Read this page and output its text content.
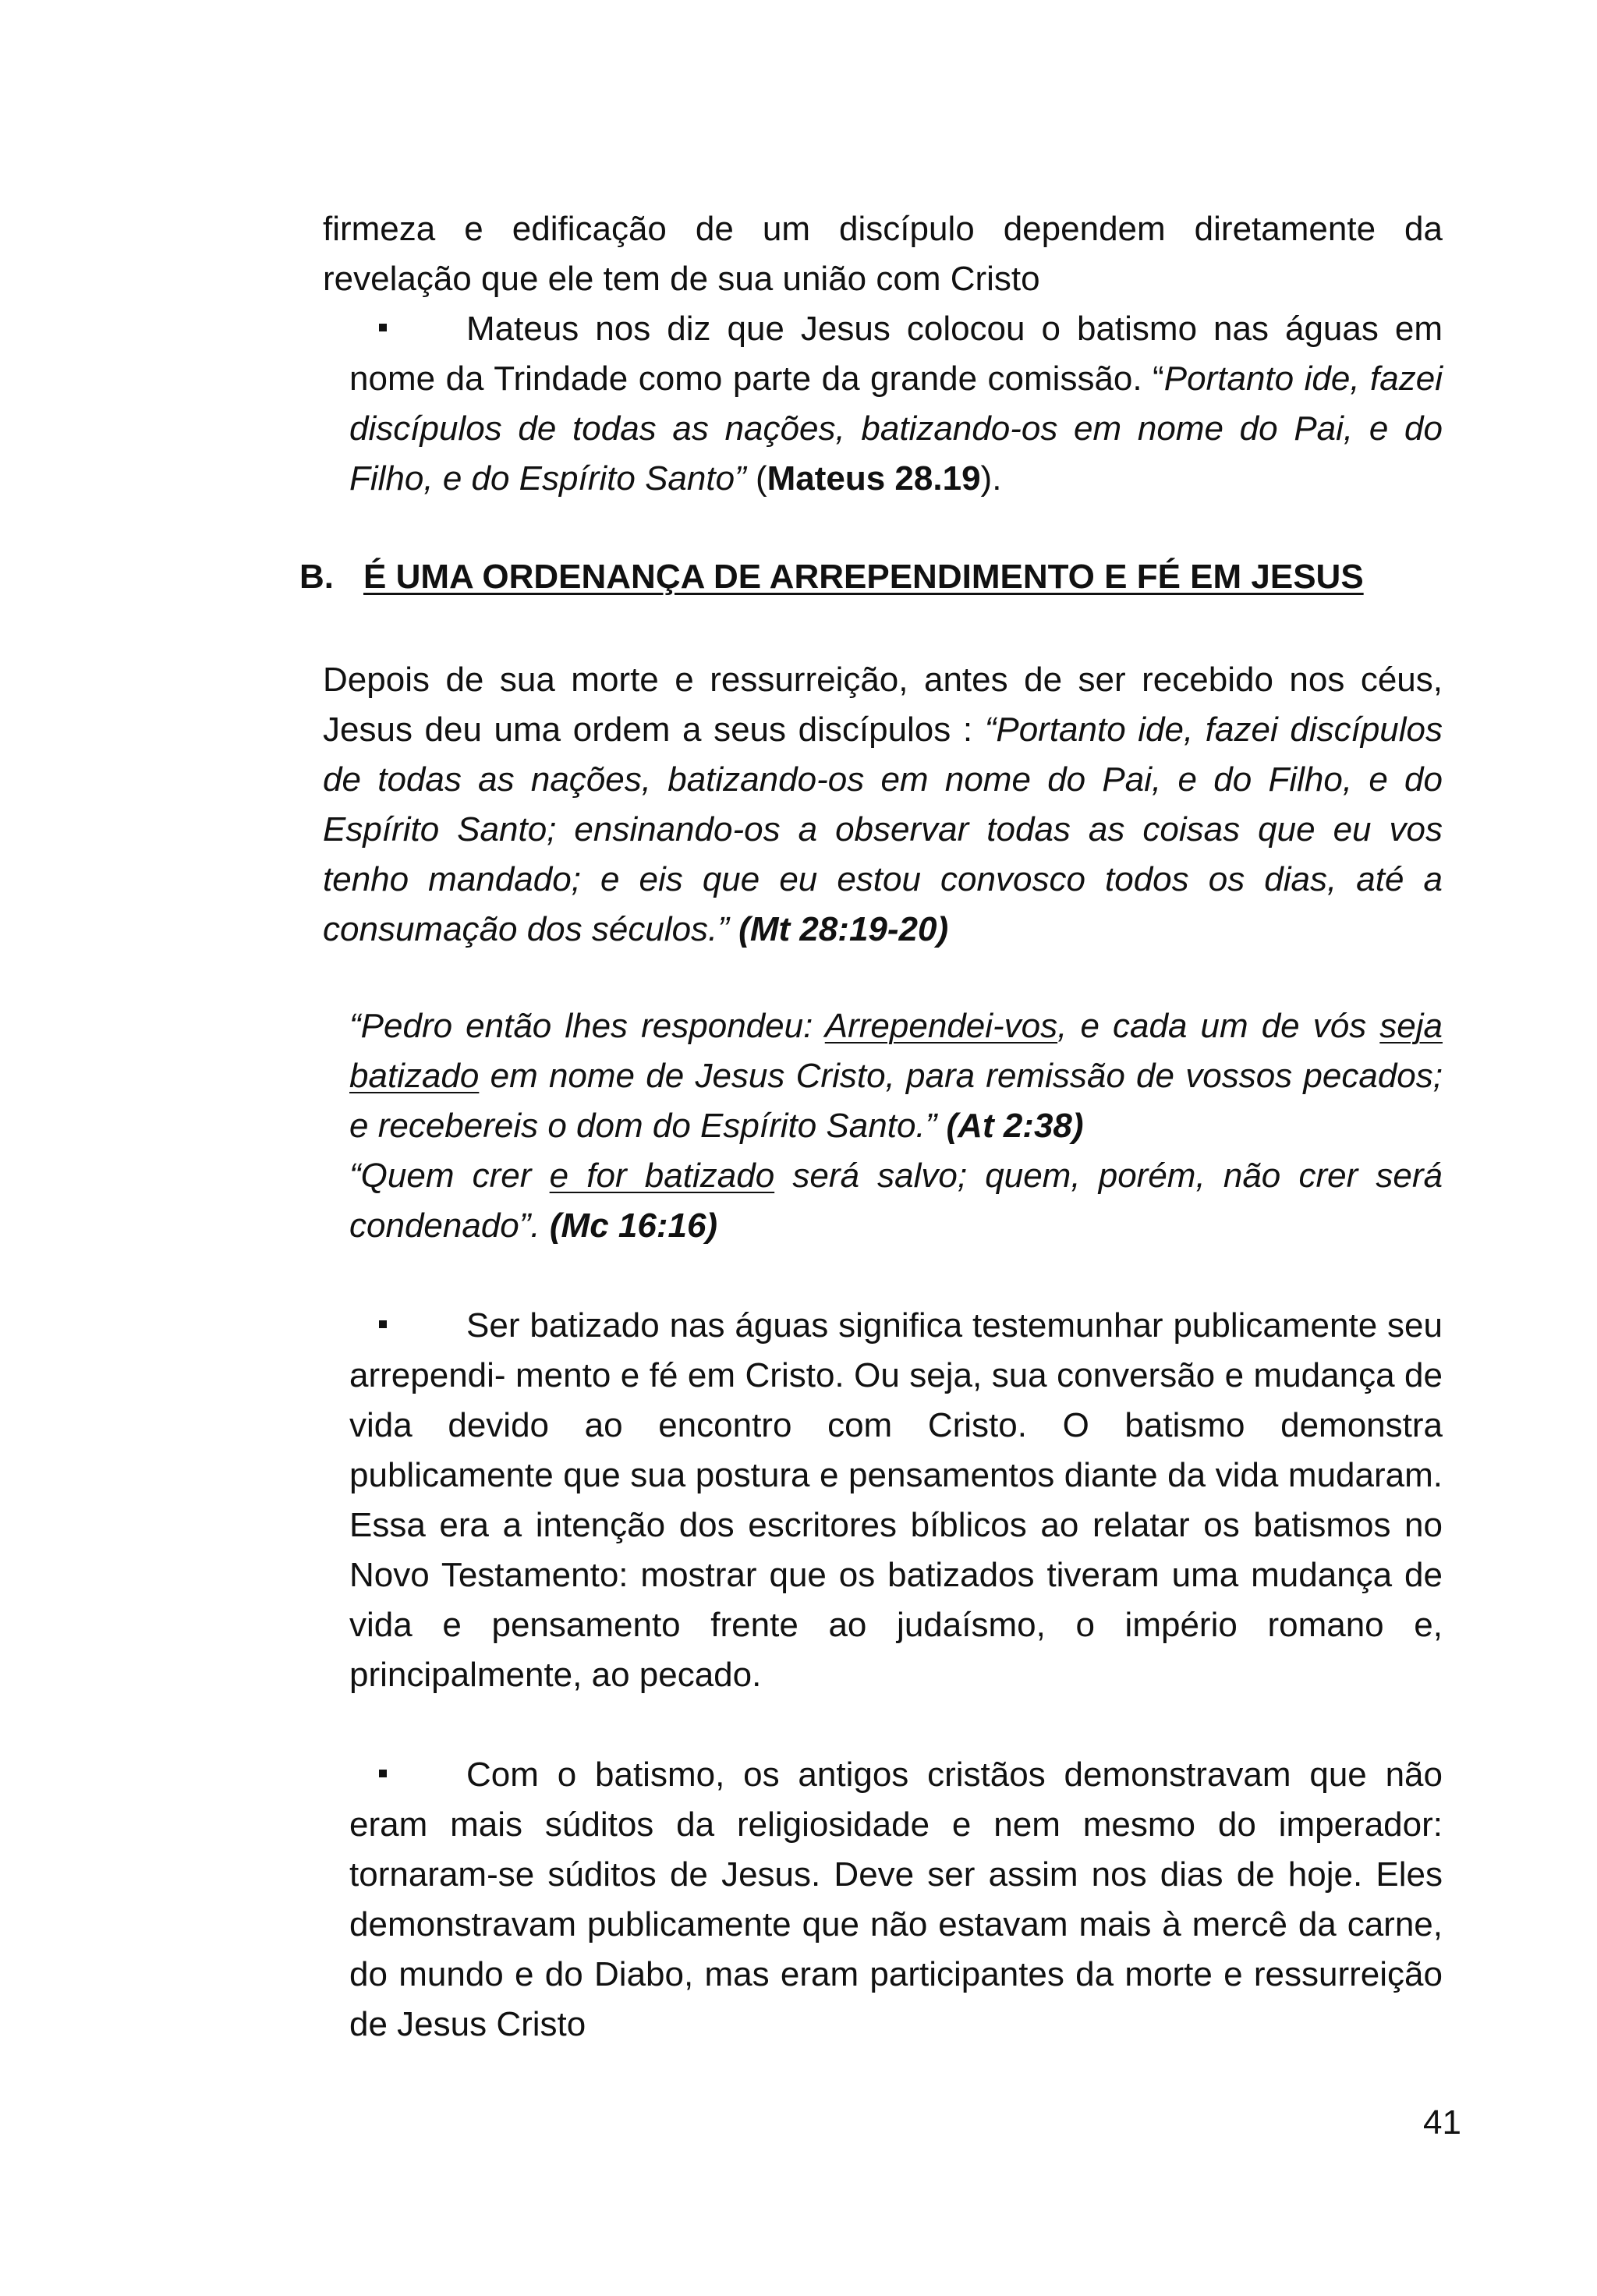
firmeza e edificação de um discípulo dependem diretamente da revelação que ele tem de sua união com Cristo
Mateus nos diz que Jesus colocou o batismo nas águas em nome da Trindade como parte da grande comissão. “Portanto ide, fazei discípulos de todas as nações, batizando-os em nome do Pai, e do Filho, e do Espírito Santo” (Mateus 28.19).
B. É UMA ORDENANÇA DE ARREPENDIMENTO E FÉ EM JESUS
Depois de sua morte e ressurreição, antes de ser recebido nos céus, Jesus deu uma ordem a seus discípulos : “Portanto ide, fazei discípulos de todas as nações, batizando-os em nome do Pai, e do Filho, e do Espírito Santo; ensinando-os a observar todas as coisas que eu vos tenho mandado; e eis que eu estou convosco todos os dias, até a consumação dos séculos.” (Mt 28:19-20)
“Pedro então lhes respondeu: Arrependei-vos, e cada um de vós seja batizado em nome de Jesus Cristo, para remissão de vossos pecados; e recebereis o dom do Espírito Santo.” (At 2:38)
“Quem crer e for batizado será salvo; quem, porém, não crer será condenado”. (Mc 16:16)
Ser batizado nas águas significa testemunhar publicamente seu arrependi- mento e fé em Cristo. Ou seja, sua conversão e mudança de vida devido ao encontro com Cristo. O batismo demonstra publicamente que sua postura e pensamentos diante da vida mudaram. Essa era a intenção dos escritores bíblicos ao relatar os batismos no Novo Testamento: mostrar que os batizados tiveram uma mudança de vida e pensamento frente ao judaísmo, o império romano e, principalmente, ao pecado.
Com o batismo, os antigos cristãos demonstravam que não eram mais súditos da religiosidade e nem mesmo do imperador: tornaram-se súditos de Jesus. Deve ser assim nos dias de hoje. Eles demonstravam publicamente que não estavam mais à mercê da carne, do mundo e do Diabo, mas eram participantes da morte e ressurreição de Jesus Cristo
41
